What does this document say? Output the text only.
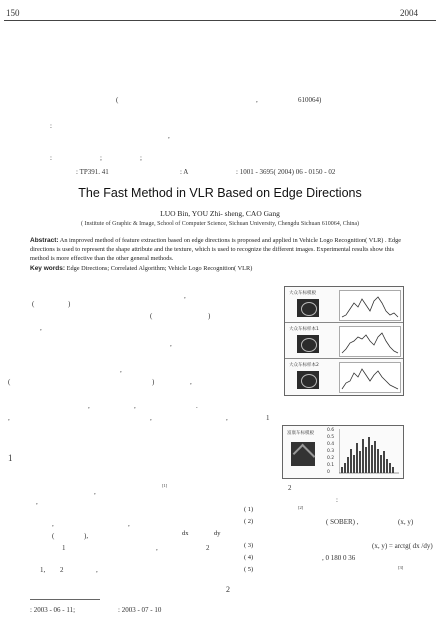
150	2004
(	,	610064)
:
,
:	;	;
: TP391. 41	: A	: 1001 - 3695( 2004) 06 - 0150 - 02
The Fast Method in VLR Based on Edge Directions
LUO Bin, YOU Zhi- sheng, CAO Gang
( Institute of Graphic & Image, School of Computer Science, Sichuan University, Chengdu Sichuan 610064, China)
Abstract: An improved method of feature extraction based on edge directions is proposed and applied in Vehicle Logo Recognition( VLR) . Edge directions is used to represent the shape attribute and the texture, which is used to recognize the different images. Experimental results show this method is more effective than the other general methods.
Key words: Edge Directions; Correlated Algorithm; Vehicle Logo Recognition( VLR)
,
(	)
(	)
,
,
(	)	,
,
,	,	.
,	,	,
1
,
[1]
,
,	,
(	),
1	,	2
1, 2	,
( 1)
( 2)
dx	dy
( 3)
( 4)
( 5)
1
2
2
[2]
( SOBER) ,	(x, y)
(x, y) = arctg( dx /dy)
, 0 180 0 36
[3]
:
大众车标模板
大众车标样本1
大众车标样本2
富康车标模板
0.6
0.5
0.4
0.3
0.2
0.1
0
: 2003 - 06 - 11;	: 2003 - 07 - 10
